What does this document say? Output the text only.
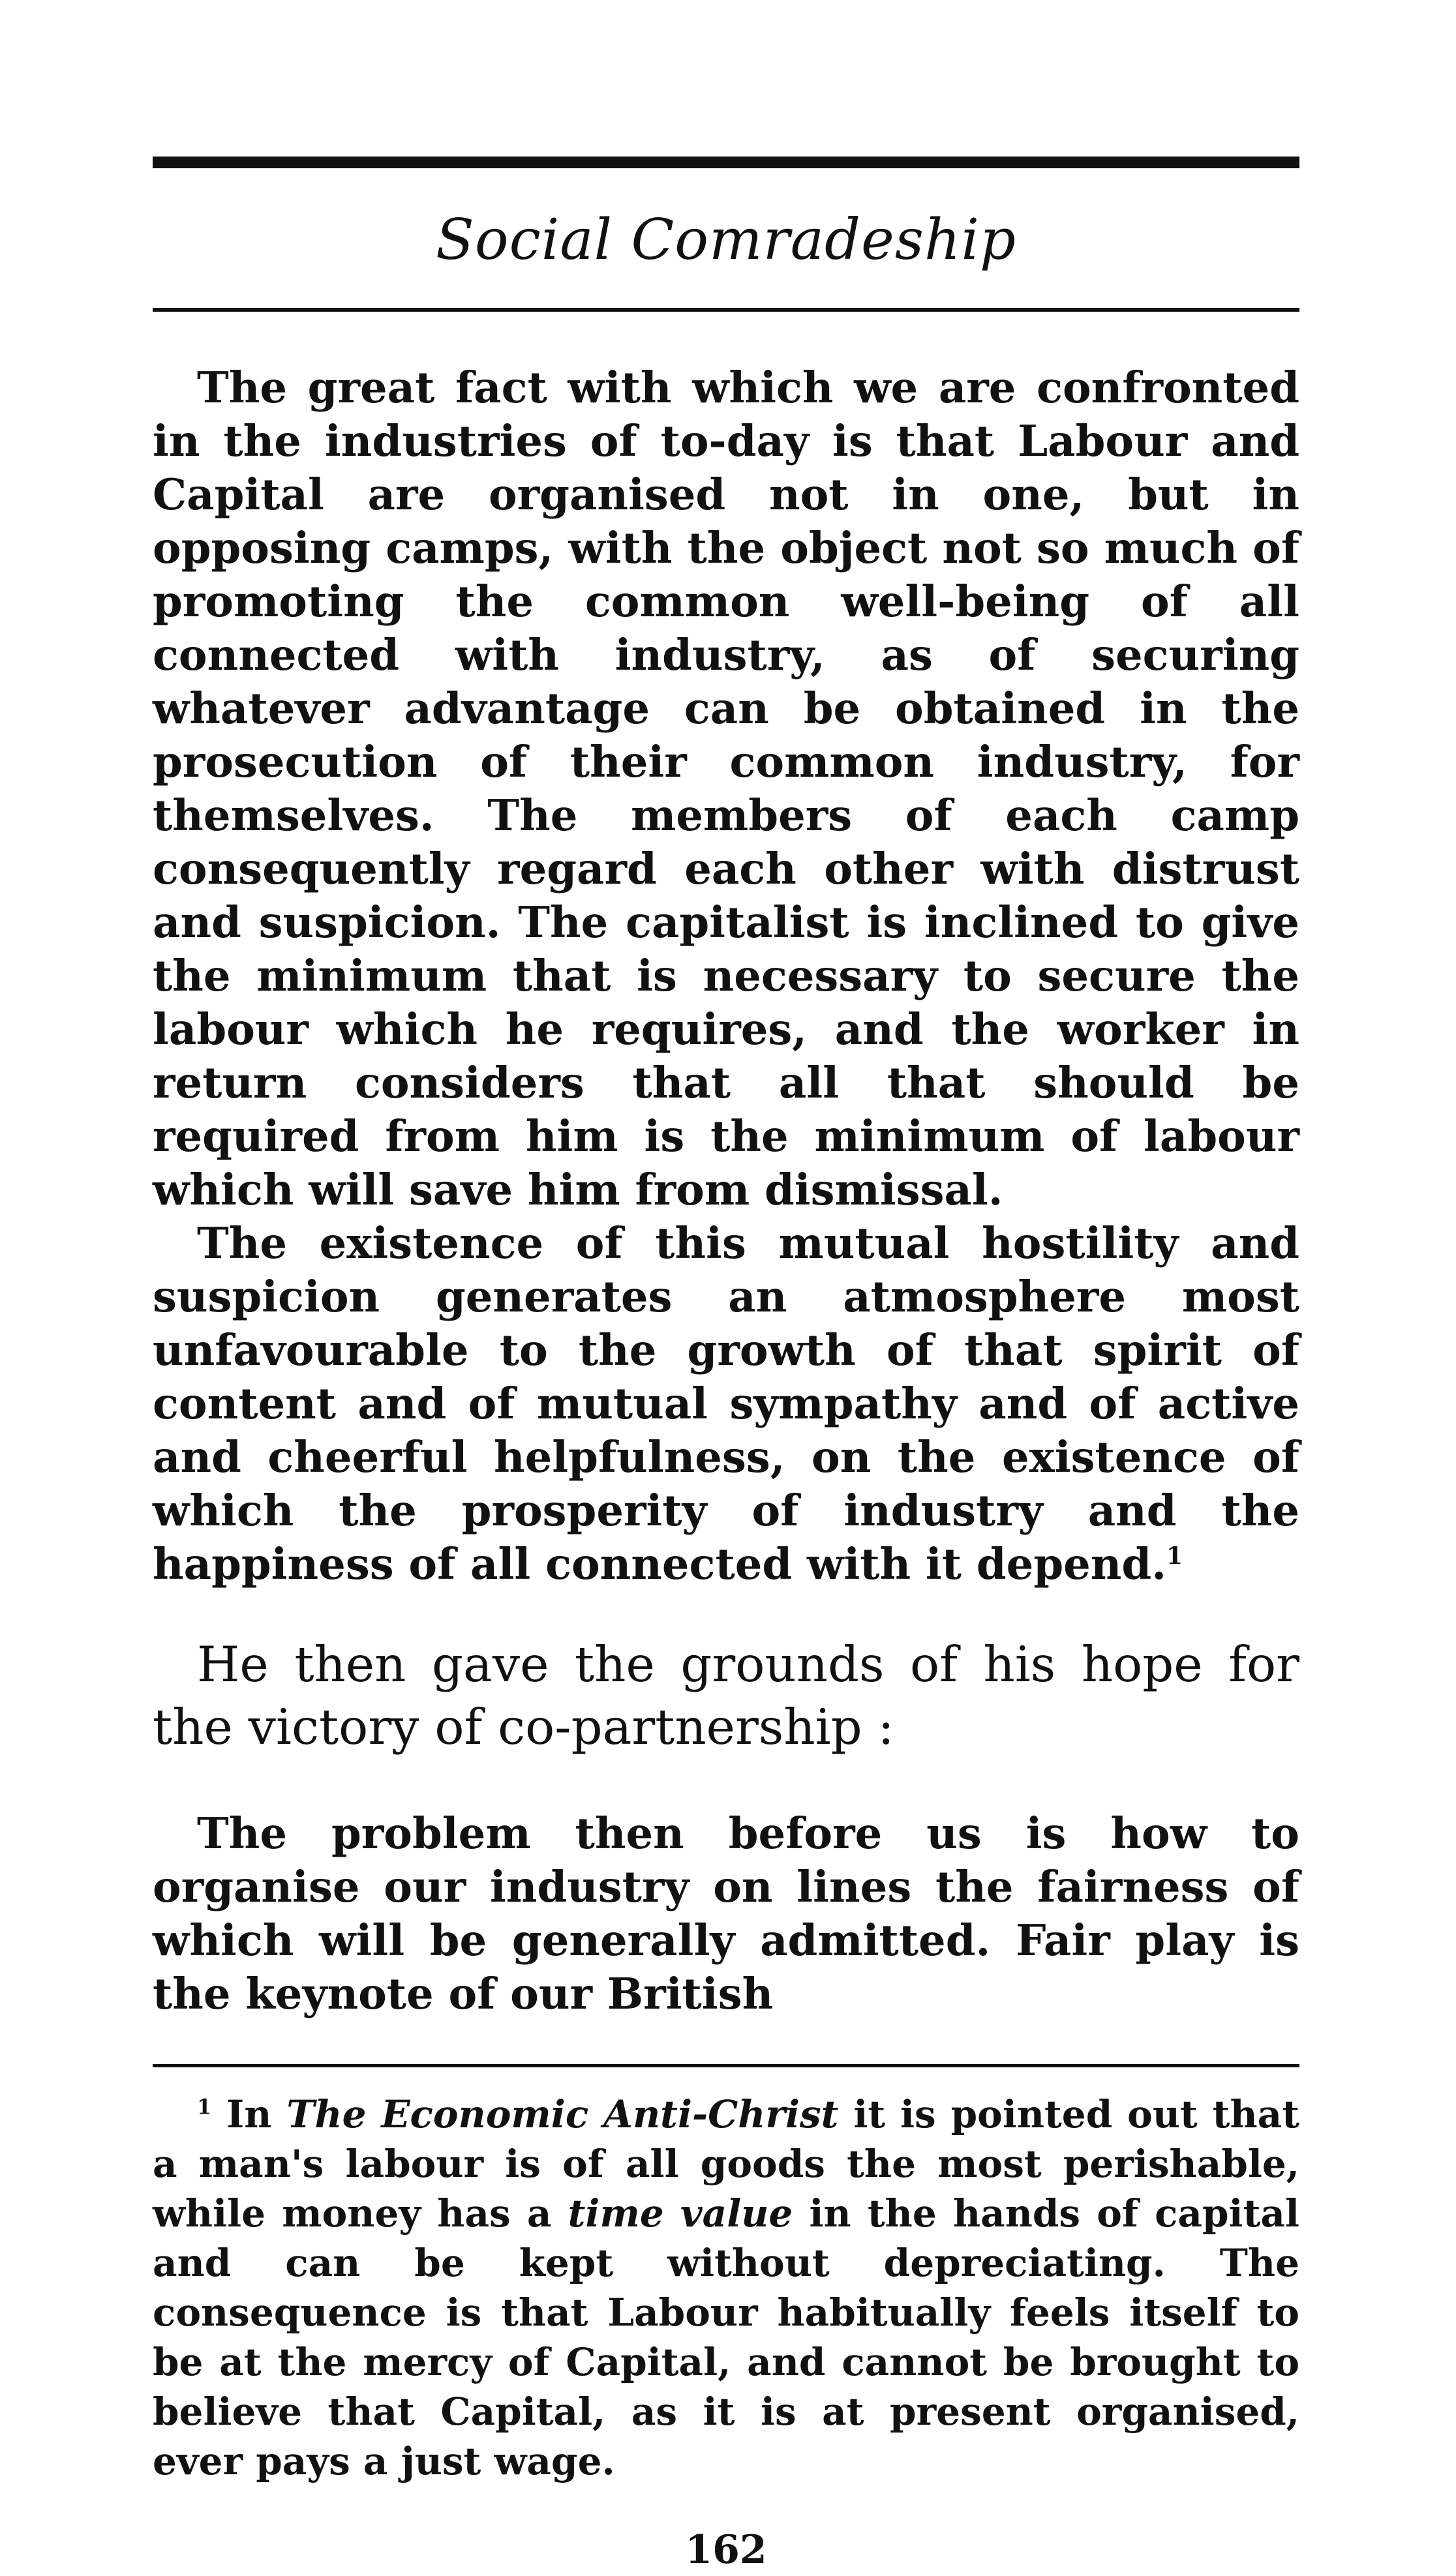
Social Comradeship

The great fact with which we are confronted in the industries of to-day is that Labour and Capital are organised not in one, but in opposing camps, with the object not so much of promoting the common well-being of all connected with industry, as of securing whatever advantage can be obtained in the prosecution of their common industry, for themselves. The members of each camp consequently regard each other with distrust and suspicion. The capitalist is inclined to give the minimum that is necessary to secure the labour which he requires, and the worker in return considers that all that should be required from him is the minimum of labour which will save him from dismissal.

The existence of this mutual hostility and suspicion generates an atmosphere most unfavourable to the growth of that spirit of content and of mutual sympathy and of active and cheerful helpfulness, on the existence of which the prosperity of industry and the happiness of all connected with it depend.$^1$

He then gave the grounds of his hope for the victory of co-partnership :

The problem then before us is how to organise our industry on lines the fairness of which will be generally admitted. Fair play is the keynote of our British

$^1$ In The Economic Anti-Christ it is pointed out that a man's labour is of all goods the most perishable, while money has a time value in the hands of capital and can be kept without depreciating. The consequence is that Labour habitually feels itself to be at the mercy of Capital, and cannot be brought to believe that Capital, as it is at present organised, ever pays a just wage.

162
